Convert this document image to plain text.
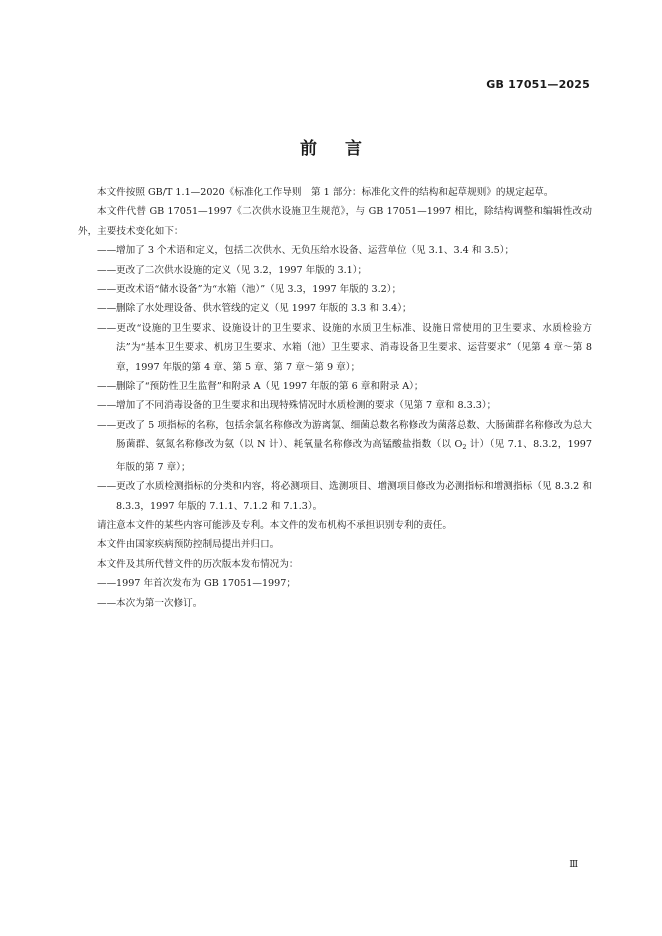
GB 17051—2025
前言

本文件按照 GB/T 1.1—2020《标准化工作导则　第 1 部分：标准化文件的结构和起草规则》的规定起草。

本文件代替 GB 17051—1997《二次供水设施卫生规范》，与 GB 17051—1997 相比，除结构调整和编辑性改动外，主要技术变化如下：

——增加了 3 个术语和定义，包括二次供水、无负压给水设备、运营单位（见 3.1、3.4 和 3.5）；

——更改了二次供水设施的定义（见 3.2，1997 年版的 3.1）；

——更改术语“储水设备”为“水箱（池）”（见 3.3，1997 年版的 3.2）；

——删除了水处理设备、供水管线的定义（见 1997 年版的 3.3 和 3.4）；

——更改“设施的卫生要求、设施设计的卫生要求、设施的水质卫生标准、设施日常使用的卫生要求、水质检验方法”为“基本卫生要求、机房卫生要求、水箱（池）卫生要求、消毒设备卫生要求、运营要求”（见第 4 章～第 8 章，1997 年版的第 4 章、第 5 章、第 7 章～第 9 章）；

——删除了“预防性卫生监督”和附录 A（见 1997 年版的第 6 章和附录 A）；

——增加了不同消毒设备的卫生要求和出现特殊情况时水质检测的要求（见第 7 章和 8.3.3）；

——更改了 5 项指标的名称，包括余氯名称修改为游离氯、细菌总数名称修改为菌落总数、大肠菌群名称修改为总大肠菌群、氨氮名称修改为氨（以 N 计）、耗氧量名称修改为高锰酸盐指数（以 $O_2$ 计）（见 7.1、8.3.2，1997 年版的第 7 章）；

——更改了水质检测指标的分类和内容，将必测项目、选测项目、增测项目修改为必测指标和增测指标（见 8.3.2 和 8.3.3，1997 年版的 7.1.1、7.1.2 和 7.1.3）。

请注意本文件的某些内容可能涉及专利。本文件的发布机构不承担识别专利的责任。

本文件由国家疾病预防控制局提出并归口。

本文件及其所代替文件的历次版本发布情况为：

——1997 年首次发布为 GB 17051—1997；

——本次为第一次修订。

Ⅲ
